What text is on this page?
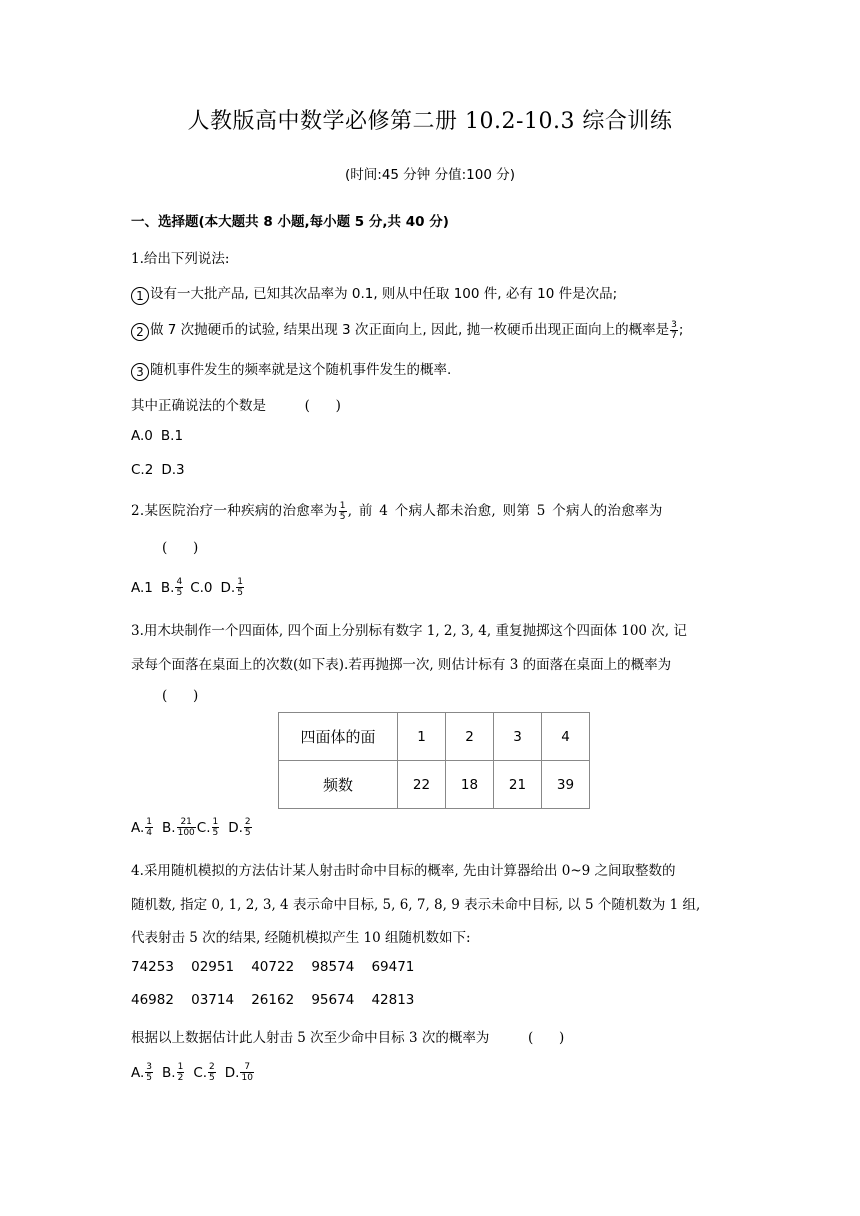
人教版高中数学必修第二册 10.2-10.3 综合训练
(时间:45 分钟 分值:100 分)
一、选择题(本大题共 8 小题,每小题 5 分,共 40 分)
1.给出下列说法:
1 设有一大批产品, 已知其次品率为 0.1, 则从中任取 100 件, 必有 10 件是次品;
2 做 7 次抛硬币的试验, 结果出现 3 次正面向上, 因此, 抛一枚硬币出现正面向上的概率是 $\frac{3}{7}$ ;
3 随机事件发生的频率就是这个随机事件发生的概率.
其中正确说法的个数是         (      )
A.0 B.1
C.2 D.3
2.某医院治疗一种疾病的治愈率为 $\frac{1}{5}$ , 前 4 个病人都未治愈, 则第 5 个病人的治愈率为
(      )
A.1 B. $\frac{4}{5} C.0$ D. $\frac{1}{5}$
3.用木块制作一个四面体, 四个面上分别标有数字 1, 2, 3, 4, 重复抛掷这个四面体 100 次, 记
录每个面落在桌面上的次数(如下表).若再抛掷一次, 则估计标有 3 的面落在桌面上的概率为
(      )
四面体的面	1	2	3	4
频数	22	18	21	39
A. $\frac{1}{4} B$. $\frac{21}{100} C$. $\frac{1}{5} D$. $\frac{2}{5}$
4.采用随机模拟的方法估计某人射击时命中目标的概率, 先由计算器给出 0~9 之间取整数的
随机数, 指定 0, 1, 2, 3, 4 表示命中目标, 5, 6, 7, 8, 9 表示未命中目标, 以 5 个随机数为 1 组,
代表射击 5 次的结果, 经随机模拟产生 10 组随机数如下:
74253    02951    40722    98574    69471
46982    03714    26162    95674    42813
根据以上数据估计此人射击 5 次至少命中目标 3 次的概率为         (      )
A. $\frac{3}{5} B$. $\frac{1}{2} C$. $\frac{2}{5} D$. $\frac{7}{10}$
